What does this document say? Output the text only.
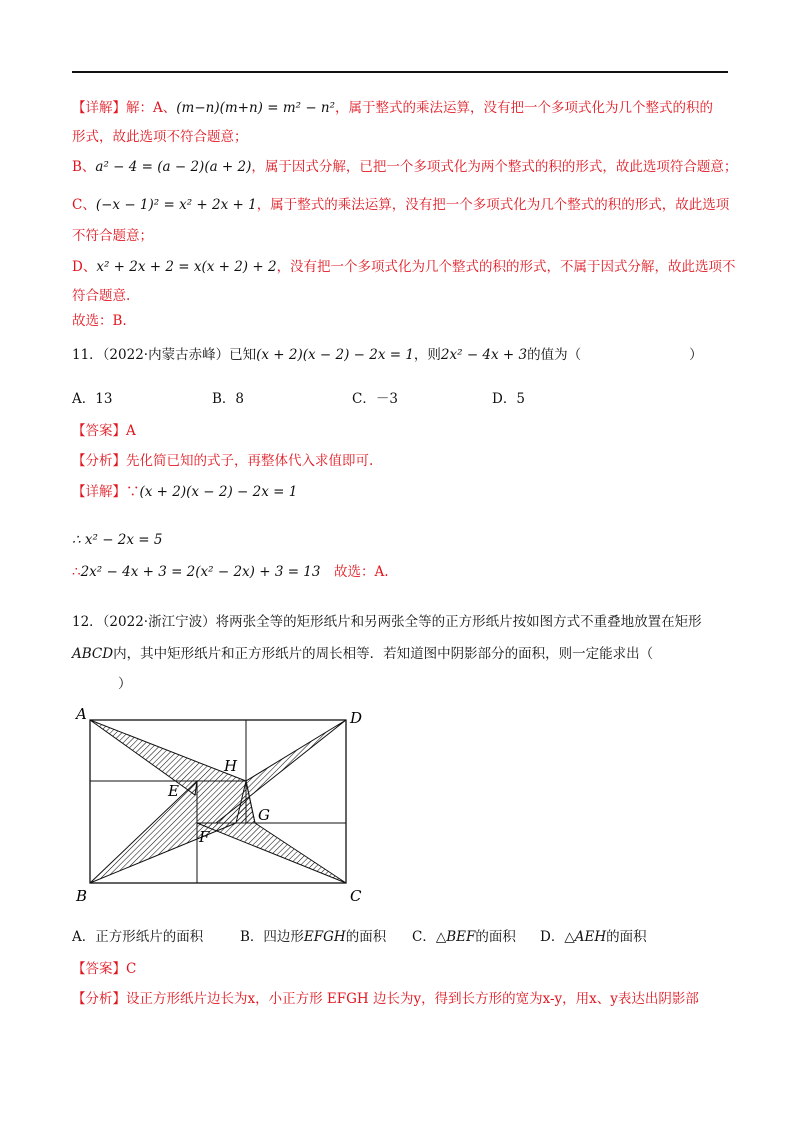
【详解】解：A、(m−n)(m+n) = m² − n²，属于整式的乘法运算，没有把一个多项式化为几个整式的积的
形式，故此选项不符合题意；
B、a² − 4 = (a − 2)(a + 2)，属于因式分解，已把一个多项式化为两个整式的积的形式，故此选项符合题意；
C、(−x − 1)² = x² + 2x + 1，属于整式的乘法运算，没有把一个多项式化为几个整式的积的形式，故此选项
不符合题意；
D、x² + 2x + 2 = x(x + 2) + 2，没有把一个多项式化为几个整式的积的形式，不属于因式分解，故此选项不
符合题意.
故选：B.
11．（2022·内蒙古赤峰）已知(x + 2)(x − 2) − 2x = 1，则2x² − 4x + 3的值为（　　　　　　　　）
A．13	B．8	C．－3	D．5
【答案】A
【分析】先化简已知的式子，再整体代入求值即可.
【详解】∵(x + 2)(x − 2) − 2x = 1
∴ x² − 2x = 5
∴2x² − 4x + 3 = 2(x² − 2x) + 3 = 13　 故选：A.
12．（2022·浙江宁波）将两张全等的矩形纸片和另两张全等的正方形纸片按如图方式不重叠地放置在矩形
ABCD内，其中矩形纸片和正方形纸片的周长相等．若知道图中阴影部分的面积，则一定能求出（
）
A	D
B	C
E
F
G
H
A．正方形纸片的面积	B．四边形EFGH的面积 C．△BEF的面积 D．△AEH的面积
【答案】C
【分析】设正方形纸片边长为x，小正方形 EFGH 边长为y，得到长方形的宽为x-y，用x、y表达出阴影部
